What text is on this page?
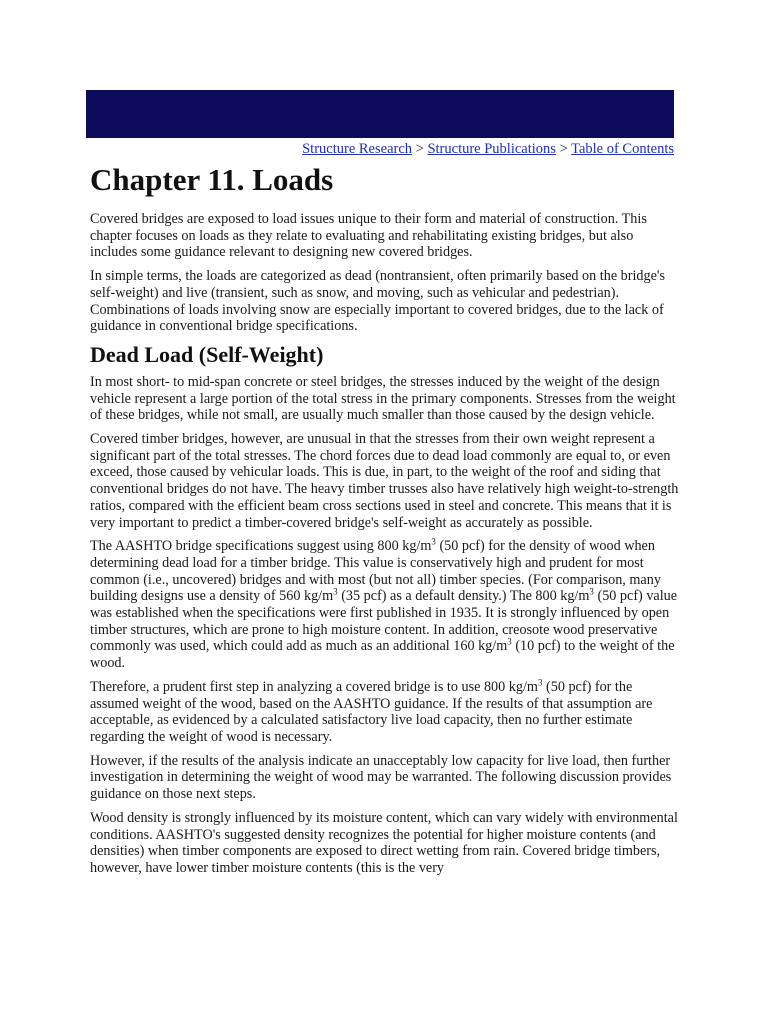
Structure Research > Structure Publications > Table of Contents
Chapter 11. Loads

Covered bridges are exposed to load issues unique to their form and material of construction. This chapter focuses on loads as they relate to evaluating and rehabilitating existing bridges, but also includes some guidance relevant to designing new covered bridges.

In simple terms, the loads are categorized as dead (nontransient, often primarily based on the bridge's self-weight) and live (transient, such as snow, and moving, such as vehicular and pedestrian). Combinations of loads involving snow are especially important to covered bridges, due to the lack of guidance in conventional bridge specifications.

Dead Load (Self-Weight)

In most short- to mid-span concrete or steel bridges, the stresses induced by the weight of the design vehicle represent a large portion of the total stress in the primary components. Stresses from the weight of these bridges, while not small, are usually much smaller than those caused by the design vehicle.

Covered timber bridges, however, are unusual in that the stresses from their own weight represent a significant part of the total stresses. The chord forces due to dead load commonly are equal to, or even exceed, those caused by vehicular loads. This is due, in part, to the weight of the roof and siding that conventional bridges do not have. The heavy timber trusses also have relatively high weight-to-strength ratios, compared with the efficient beam cross sections used in steel and concrete. This means that it is very important to predict a timber-covered bridge's self-weight as accurately as possible.

The AASHTO bridge specifications suggest using 800 $kg/m^3$ (50 pcf) for the density of wood when determining dead load for a timber bridge. This value is conservatively high and prudent for most common (i.e., uncovered) bridges and with most (but not all) timber species. (For comparison, many building designs use a density of 560 $kg/m^3$ (35 pcf) as a default density.) The 800 $kg/m^3$ (50 pcf) value was established when the specifications were first published in 1935. It is strongly influenced by open timber structures, which are prone to high moisture content. In addition, creosote wood preservative commonly was used, which could add as much as an additional 160 $kg/m^3$ (10 pcf) to the weight of the wood.

Therefore, a prudent first step in analyzing a covered bridge is to use 800 $kg/m^3$ (50 pcf) for the assumed weight of the wood, based on the AASHTO guidance. If the results of that assumption are acceptable, as evidenced by a calculated satisfactory live load capacity, then no further estimate regarding the weight of wood is necessary.

However, if the results of the analysis indicate an unacceptably low capacity for live load, then further investigation in determining the weight of wood may be warranted. The following discussion provides guidance on those next steps.

Wood density is strongly influenced by its moisture content, which can vary widely with environmental conditions. AASHTO's suggested density recognizes the potential for higher moisture contents (and densities) when timber components are exposed to direct wetting from rain. Covered bridge timbers, however, have lower timber moisture contents (this is the very
